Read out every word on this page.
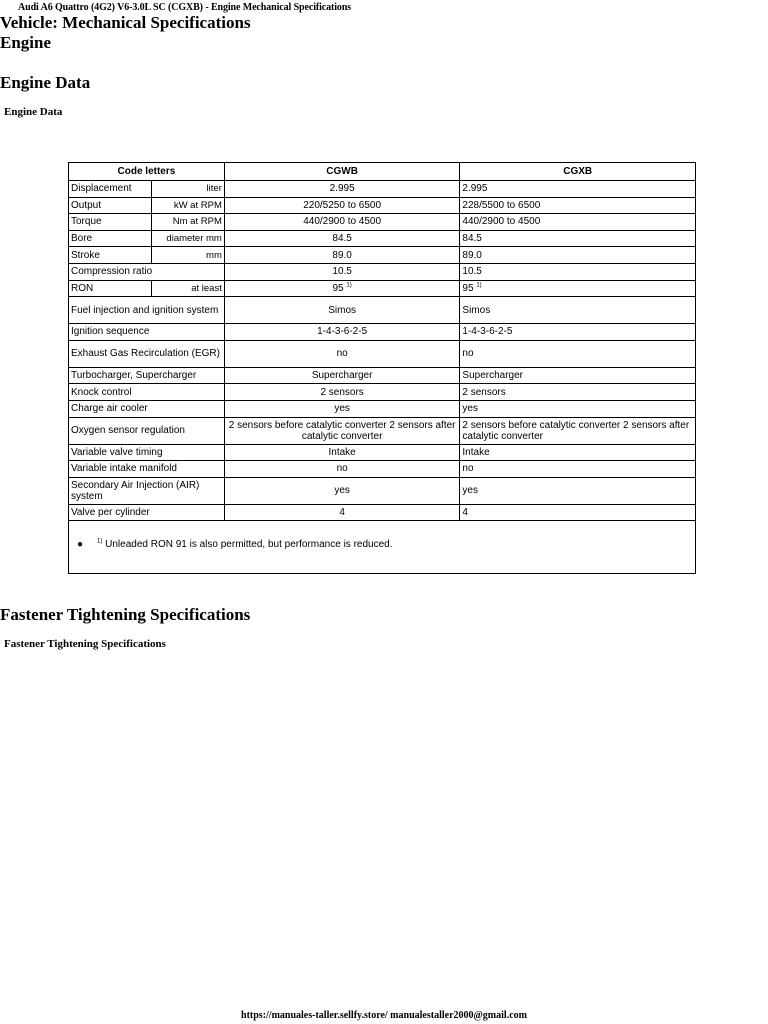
Audi A6 Quattro (4G2) V6-3.0L SC (CGXB) - Engine Mechanical Specifications
Vehicle: Mechanical Specifications
Engine
Engine Data
Engine Data
Code letters		CGWB	CGXB
Displacement	liter	2.995	2.995
Output	kW at RPM	220/5250 to 6500	228/5500 to 6500
Torque	Nm at RPM	440/2900 to 4500	440/2900 to 4500
Bore	diameter mm	84.5	84.5
Stroke	mm	89.0	89.0
Compression ratio		10.5	10.5
RON	at least	95 $^{1)}$	95 $^{1)}$
Fuel injection and ignition system		Simos	Simos
Ignition sequence		1-4-3-6-2-5	1-4-3-6-2-5
Exhaust Gas Recirculation (EGR)		no	no
Turbocharger, Supercharger		Supercharger	Supercharger
Knock control		2 sensors	2 sensors
Charge air cooler		yes	yes
Oxygen sensor regulation		2 sensors before catalytic converter 2 sensors after catalytic converter	2 sensors before catalytic converter 2 sensors after catalytic converter
Variable valve timing		Intake	Intake
Variable intake manifold		no	no
Secondary Air Injection (AIR) system		yes	yes
Valve per cylinder		4	4
● $^{1)}$ Unleaded RON 91 is also permitted, but performance is reduced.
Fastener Tightening Specifications
Fastener Tightening Specifications
https://manuales-taller.sellfy.store/ manualestaller2000@gmail.com
